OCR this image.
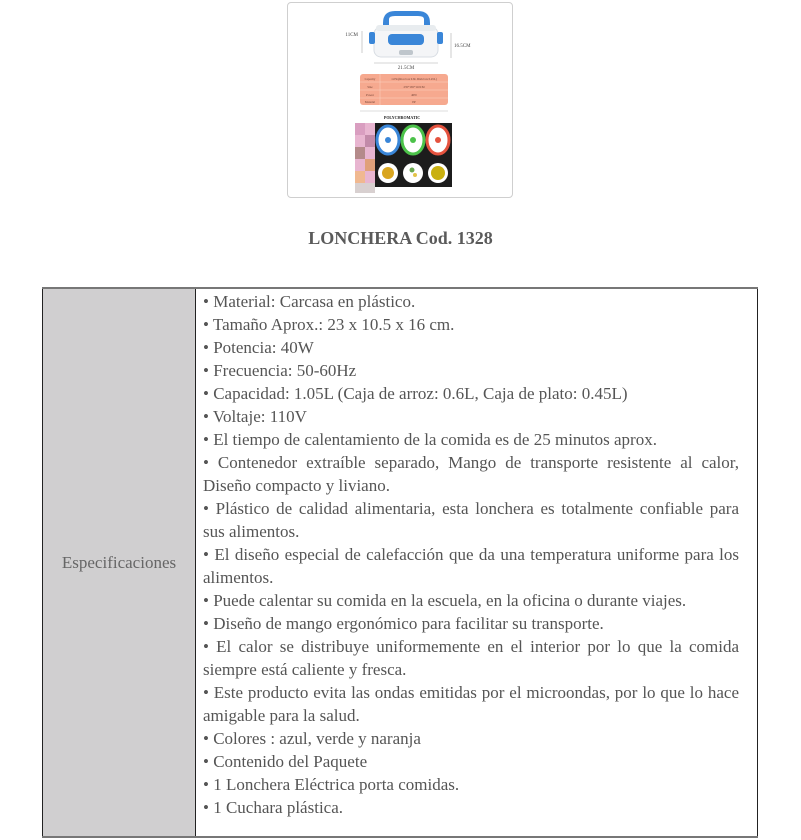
11CM
16.5CM
21.5CM
Capacity	1.05L(Rice box 0.6L Dish box 0.45L)
Size	235*165*110CM
Power	40W
Material	PP
POLYCHROMATIC
LONCHERA Cod. 1328
Especificaciones	
• Material: Carcasa en plástico.
• Tamaño Aprox.: 23 x 10.5 x 16 cm.
• Potencia: 40W
• Frecuencia: 50-60Hz
• Capacidad: 1.05L (Caja de arroz: 0.6L, Caja de plato: 0.45L)
• Voltaje: 110V
• El tiempo de calentamiento de la comida es de 25 minutos aprox.
• Contenedor extraíble separado, Mango de transporte resistente al calor, Diseño compacto y liviano.
• Plástico de calidad alimentaria, esta lonchera es totalmente confiable para sus alimentos.
• El diseño especial de calefacción que da una temperatura uniforme para los alimentos.
• Puede calentar su comida en la escuela, en la oficina o durante viajes.
• Diseño de mango ergonómico para facilitar su transporte.
• El calor se distribuye uniformemente en el interior por lo que la comida siempre está caliente y fresca.
• Este producto evita las ondas emitidas por el microondas, por lo que lo hace amigable para la salud.
• Colores : azul, verde y naranja
• Contenido del Paquete
• 1 Lonchera Eléctrica porta comidas.
• 1 Cuchara plástica.
